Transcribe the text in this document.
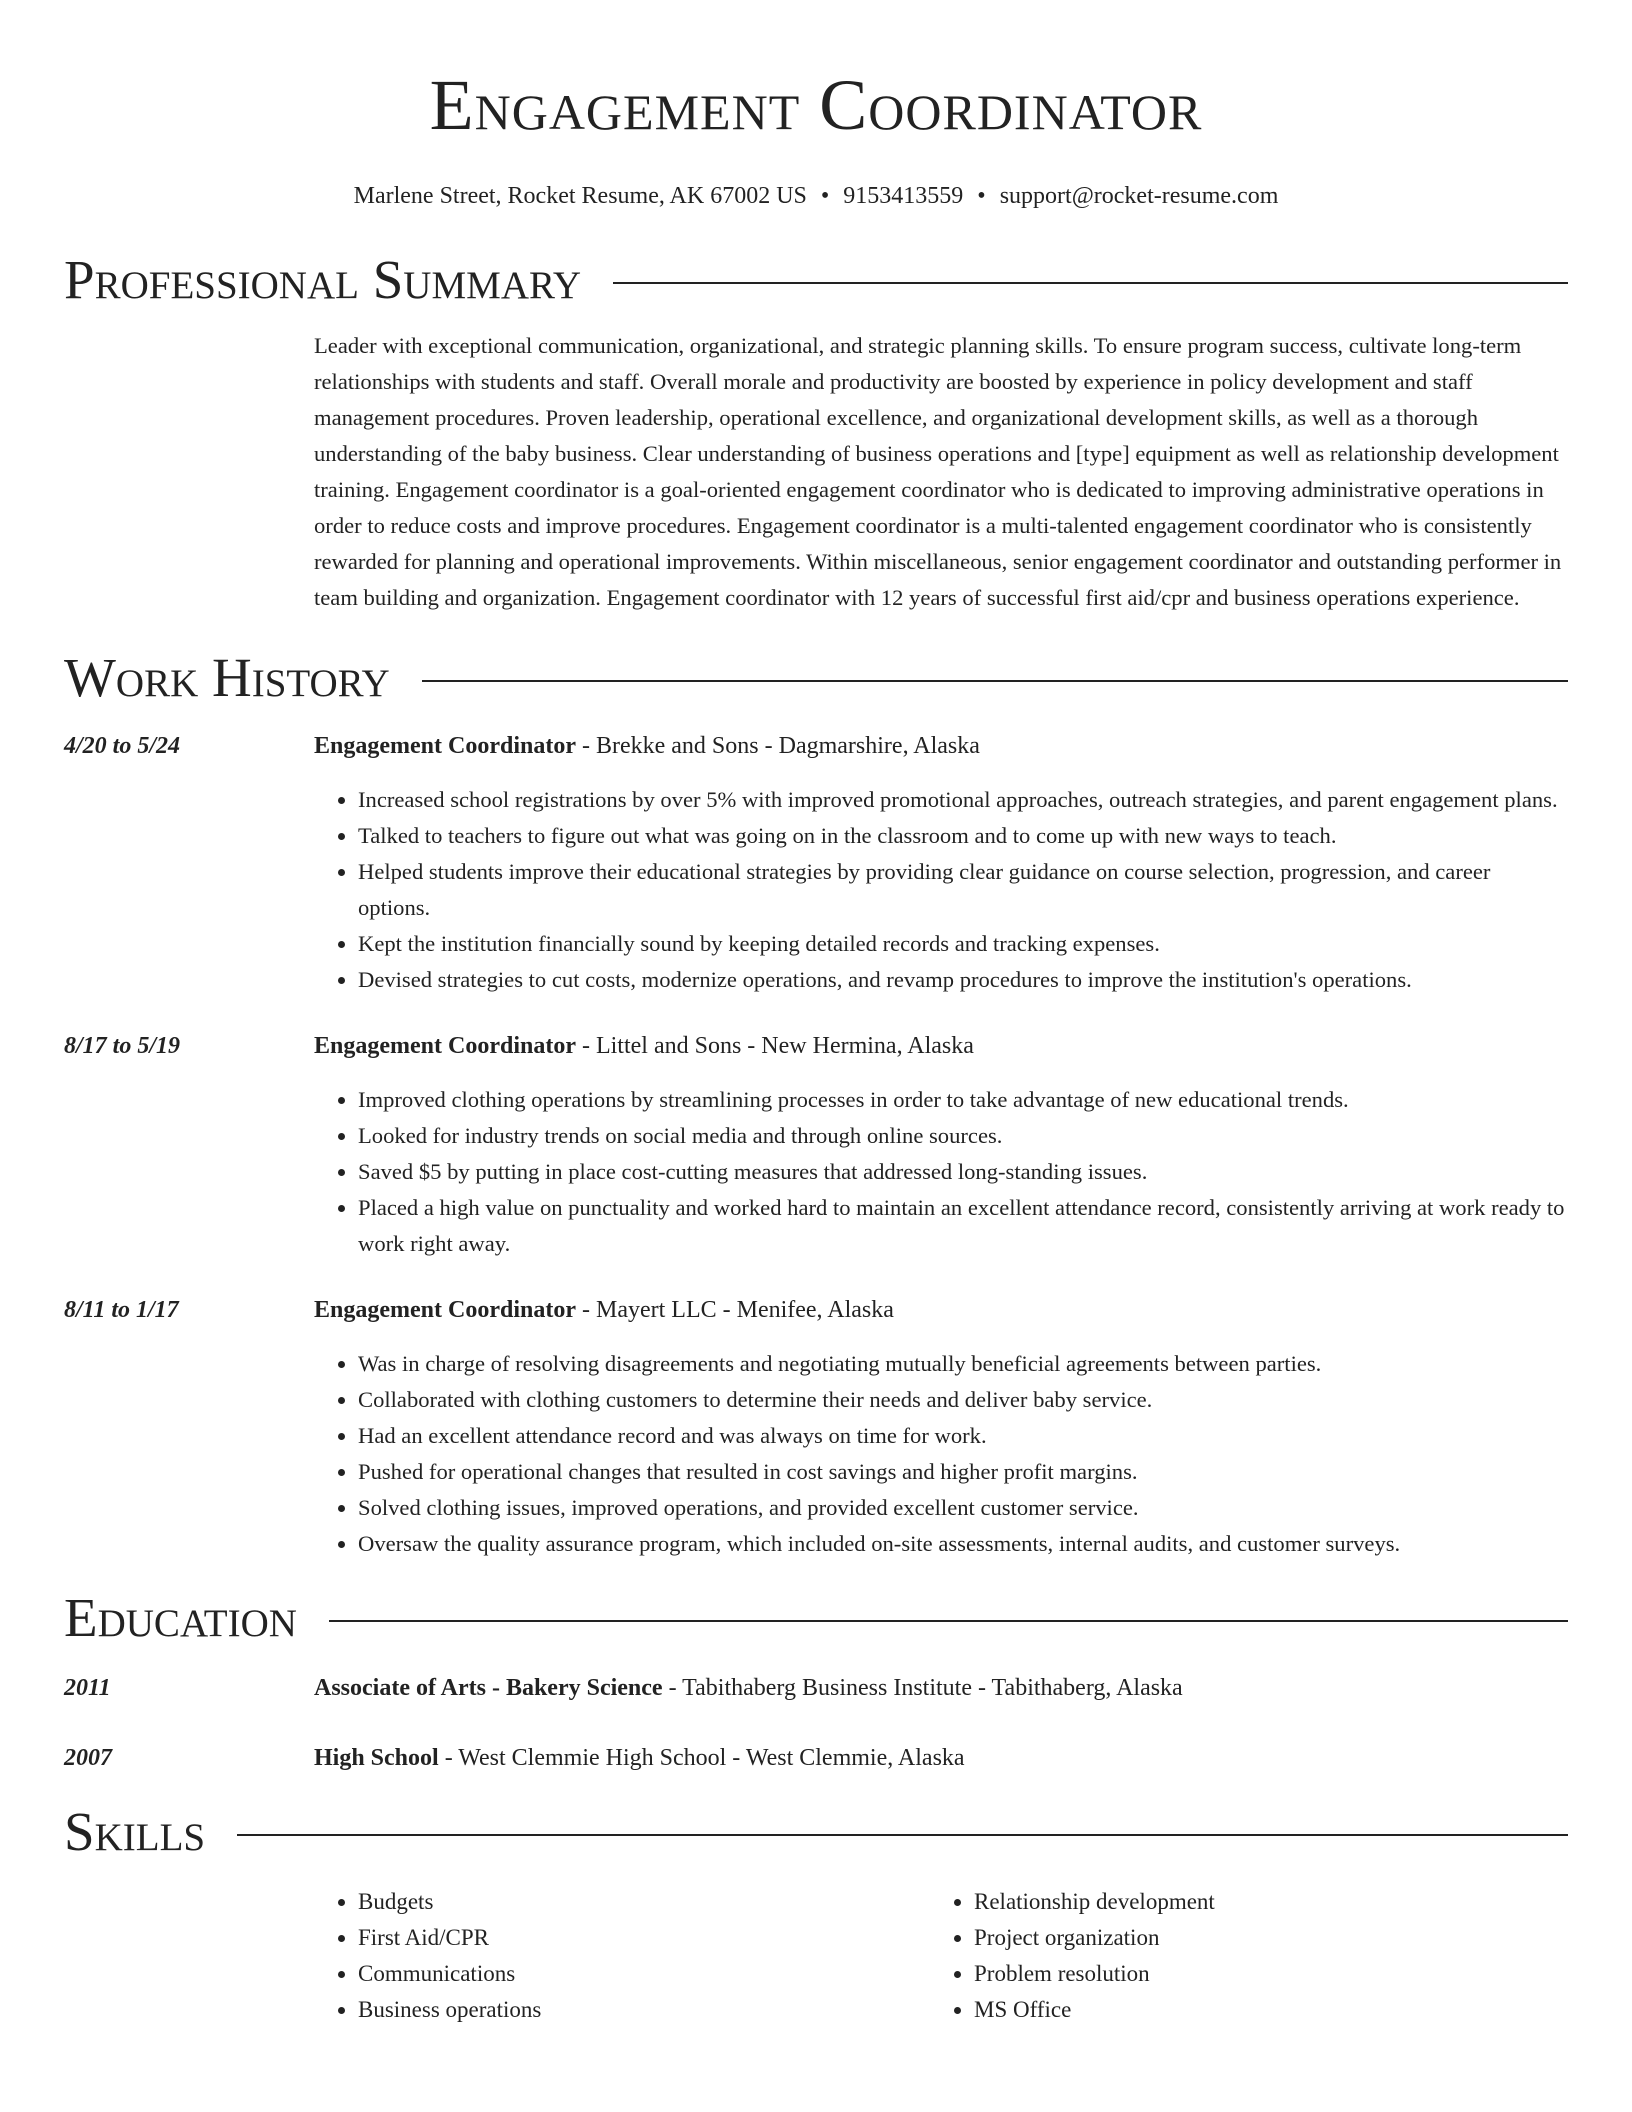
Engagement Coordinator
Marlene Street, Rocket Resume, AK 67002 US • 9153413559 • support@rocket-resume.com
Professional Summary
Leader with exceptional communication, organizational, and strategic planning skills. To ensure program success, cultivate long-term relationships with students and staff. Overall morale and productivity are boosted by experience in policy development and staff management procedures. Proven leadership, operational excellence, and organizational development skills, as well as a thorough understanding of the baby business. Clear understanding of business operations and [type] equipment as well as relationship development training. Engagement coordinator is a goal-oriented engagement coordinator who is dedicated to improving administrative operations in order to reduce costs and improve procedures. Engagement coordinator is a multi-talented engagement coordinator who is consistently rewarded for planning and operational improvements. Within miscellaneous, senior engagement coordinator and outstanding performer in team building and organization. Engagement coordinator with 12 years of successful first aid/cpr and business operations experience.
Work History
4/20 to 5/24	Engagement Coordinator - Brekke and Sons - Dagmarshire, Alaska
• Increased school registrations by over 5% with improved promotional approaches, outreach strategies, and parent engagement plans.
• Talked to teachers to figure out what was going on in the classroom and to come up with new ways to teach.
• Helped students improve their educational strategies by providing clear guidance on course selection, progression, and career options.
• Kept the institution financially sound by keeping detailed records and tracking expenses.
• Devised strategies to cut costs, modernize operations, and revamp procedures to improve the institution's operations.
8/17 to 5/19	Engagement Coordinator - Littel and Sons - New Hermina, Alaska
• Improved clothing operations by streamlining processes in order to take advantage of new educational trends.
• Looked for industry trends on social media and through online sources.
• Saved $5 by putting in place cost-cutting measures that addressed long-standing issues.
• Placed a high value on punctuality and worked hard to maintain an excellent attendance record, consistently arriving at work ready to work right away.
8/11 to 1/17	Engagement Coordinator - Mayert LLC - Menifee, Alaska
• Was in charge of resolving disagreements and negotiating mutually beneficial agreements between parties.
• Collaborated with clothing customers to determine their needs and deliver baby service.
• Had an excellent attendance record and was always on time for work.
• Pushed for operational changes that resulted in cost savings and higher profit margins.
• Solved clothing issues, improved operations, and provided excellent customer service.
• Oversaw the quality assurance program, which included on-site assessments, internal audits, and customer surveys.
Education
2011	Associate of Arts - Bakery Science - Tabithaberg Business Institute - Tabithaberg, Alaska
2007	High School - West Clemmie High School - West Clemmie, Alaska
Skills
• Budgets
• First Aid/CPR
• Communications
• Business operations
• Relationship development
• Project organization
• Problem resolution
• MS Office
